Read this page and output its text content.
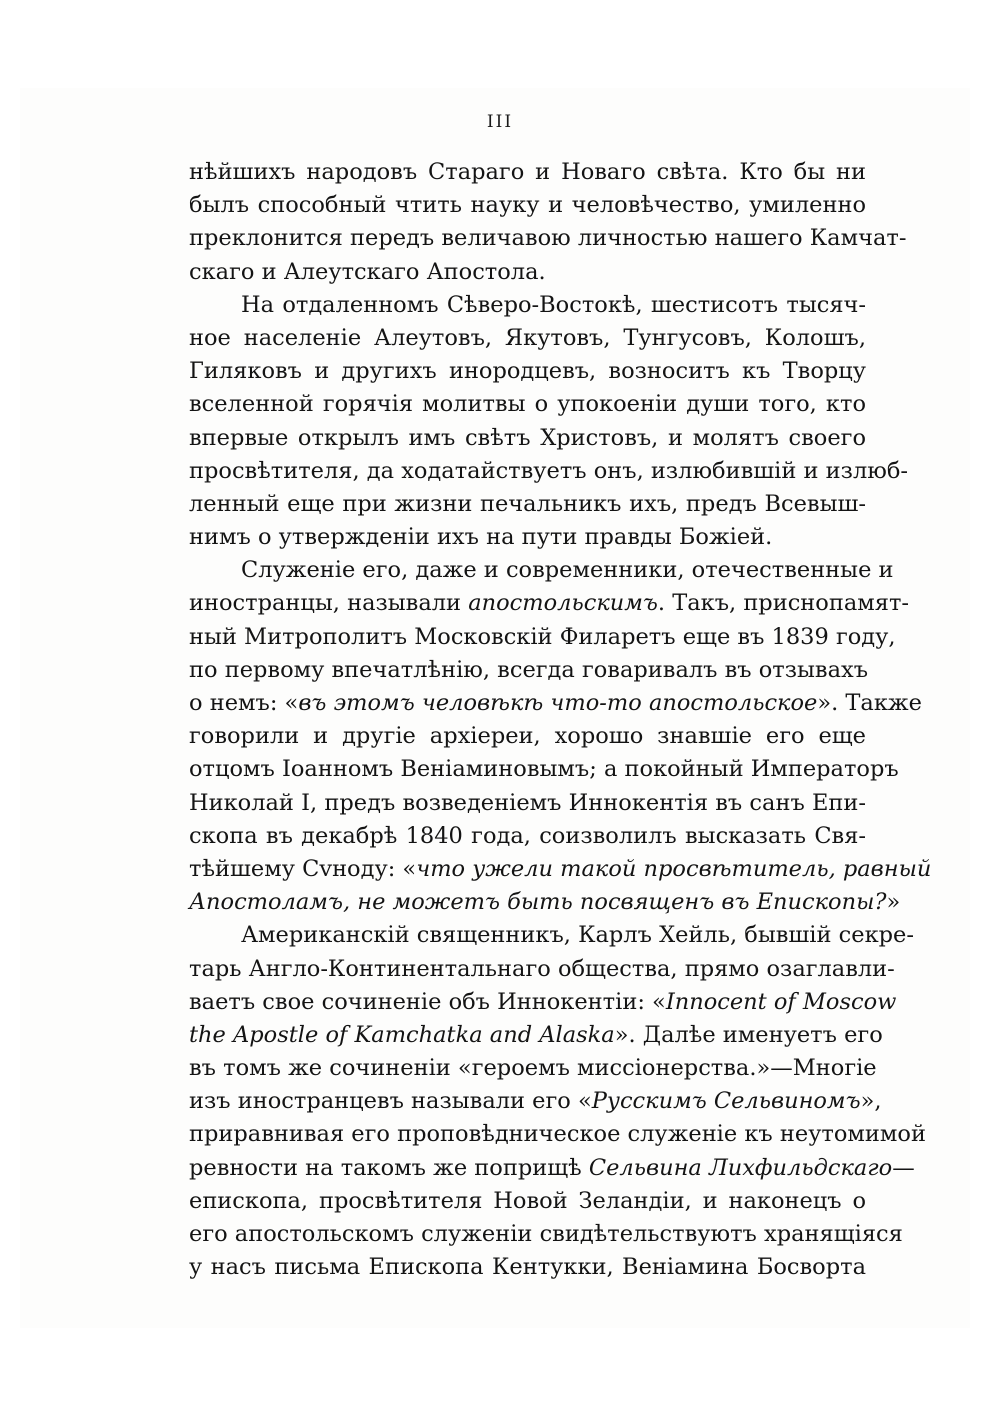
III
нѣйшихъ народовъ Стараго и Новаго свѣта. Кто бы ни
былъ способный чтить науку и человѣчество, умиленно
преклонится передъ величавою личностью нашего Камчат-
скаго и Алеутскаго Апостола.
На отдаленномъ Сѣверо-Востокѣ, шестисотъ тысяч-
ное населенiе Алеутовъ, Якутовъ, Тунгусовъ, Колошъ,
Гиляковъ и другихъ инородцевъ, возноситъ къ Творцу
вселенной горячiя молитвы о упокоенiи души того, кто
впервые открылъ имъ свѣтъ Христовъ, и молятъ своего
просвѣтителя, да ходатайствуетъ онъ, излюбившiй и излюб-
ленный еще при жизни печальникъ ихъ, предъ Всевыш-
нимъ о утвержденiи ихъ на пути правды Божiей.
Служенiе его, даже и современники, отечественные и
иностранцы, называли апостольскимъ. Такъ, приснопамят-
ный Митрополитъ Московскiй Филаретъ еще въ 1839 году,
по первому впечатлѣнiю, всегда говаривалъ въ отзывахъ
о немъ: «въ этомъ человѣкѣ что-то апостольское». Также
говорили и другiе архiереи, хорошо знавшiе его еще
отцомъ Iоанномъ Венiаминовымъ; а покойный Императоръ
Николай I, предъ возведенiемъ Иннокентiя въ санъ Епи-
скопа въ декабрѣ 1840 года, соизволилъ высказать Свя-
тѣйшему Сvноду: «что ужели такой просвѣтитель, равный
Апостоламъ, не можетъ быть посвященъ въ Епископы?»
Американскiй священникъ, Карлъ Хейль, бывшiй секре-
тарь Англо-Континентальнаго общества, прямо озаглавли-
ваетъ свое сочиненiе объ Иннокентiи: «Innocent of Moscow
the Apostle of Kamchatka and Alaska». Далѣе именуетъ его
въ томъ же сочиненiи «героемъ миссiонерства.»—Многiе
изъ иностранцевъ называли его «Русскимъ Сельвиномъ»,
приравнивая его проповѣдническое служенiе къ неутомимой
ревности на такомъ же поприщѣ Сельвина Лихфильдскаго—
епископа, просвѣтителя Новой Зеландiи, и наконецъ о
его апостольскомъ служенiи свидѣтельствуютъ хранящiяся
у насъ письма Епископа Кентукки, Венiамина Босворта
